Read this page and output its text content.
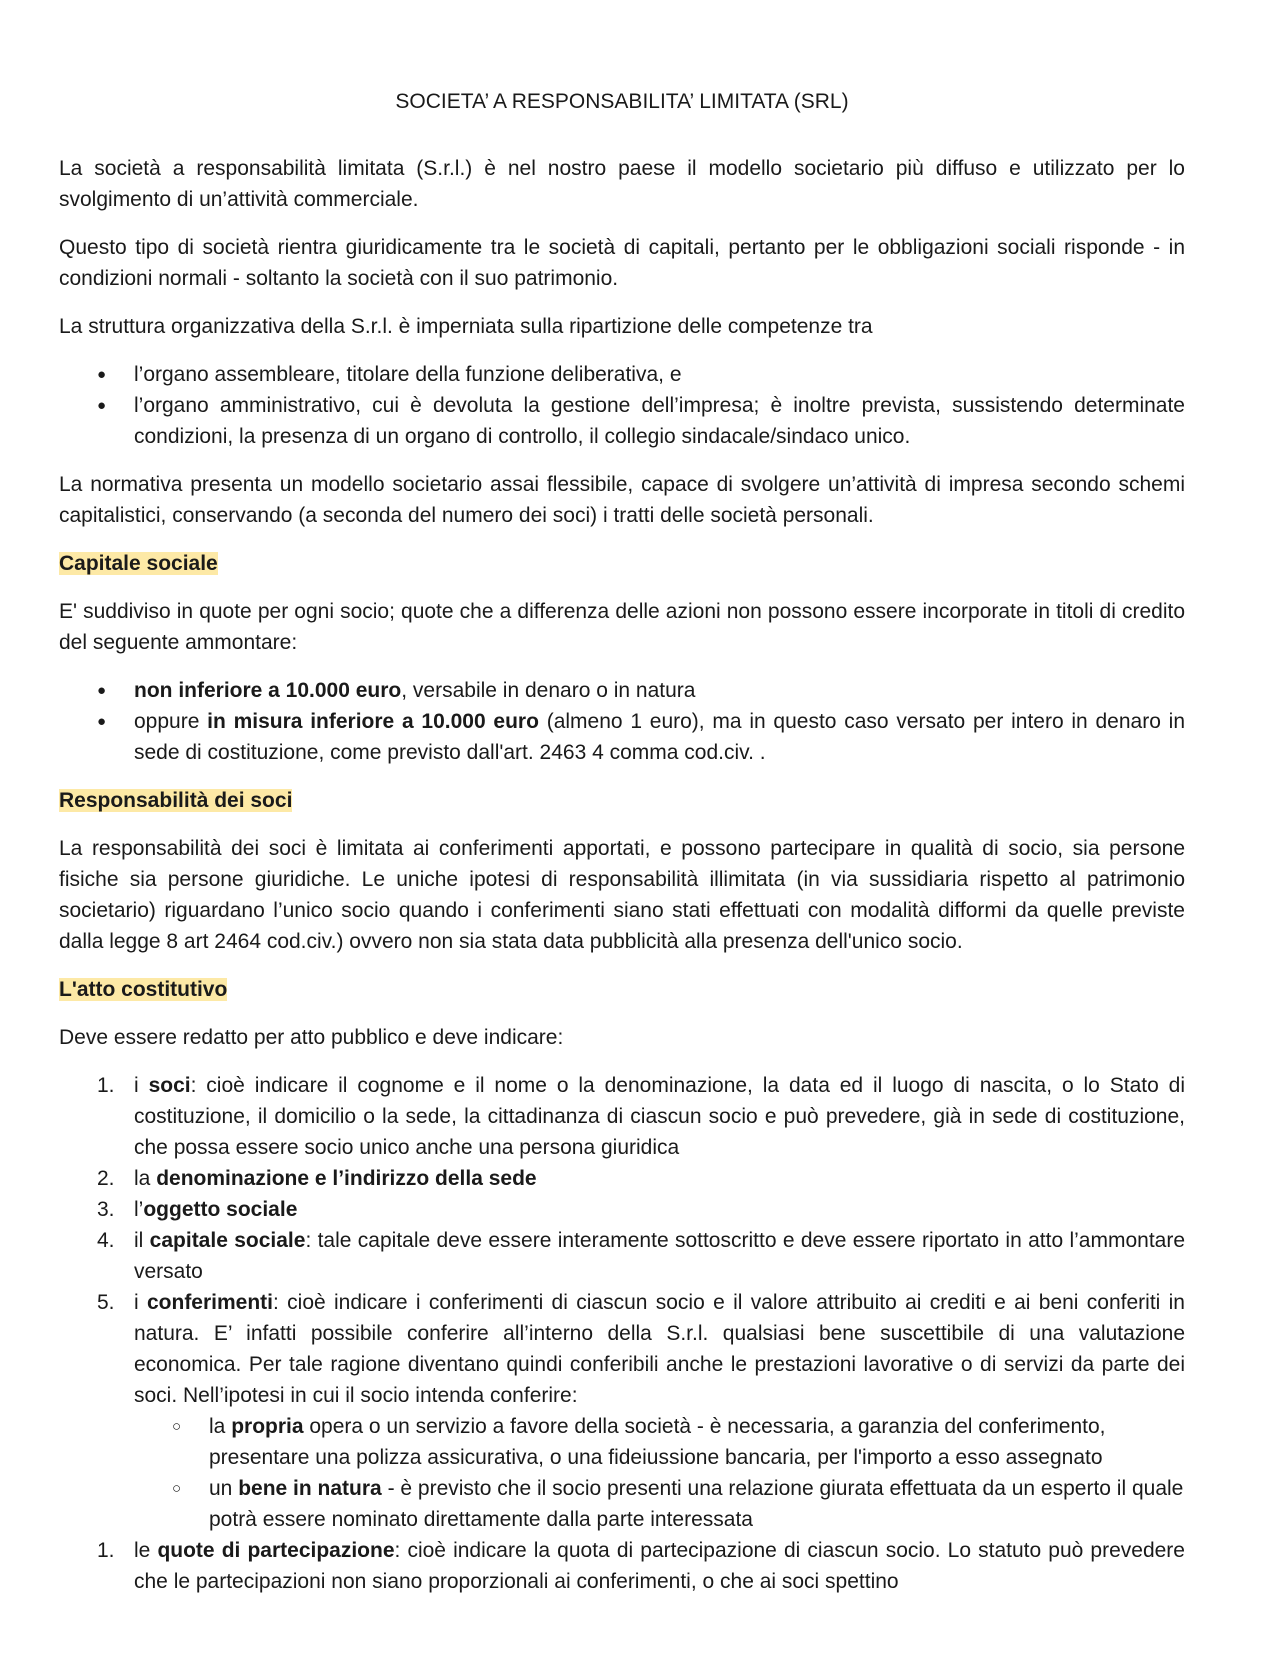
SOCIETA’ A RESPONSABILITA’ LIMITATA (SRL)

La società a responsabilità limitata (S.r.l.) è nel nostro paese il modello societario più diffuso e utilizzato per lo svolgimento di un’attività commerciale.

Questo tipo di società rientra giuridicamente tra le società di capitali, pertanto per le obbligazioni sociali risponde - in condizioni normali - soltanto la società con il suo patrimonio.

La struttura organizzativa della S.r.l. è imperniata sulla ripartizione delle competenze tra

● l’organo assembleare, titolare della funzione deliberativa, e
● l’organo amministrativo, cui è devoluta la gestione dell’impresa; è inoltre prevista, sussistendo determinate condizioni, la presenza di un organo di controllo, il collegio sindacale/sindaco unico.

La normativa presenta un modello societario assai flessibile, capace di svolgere un’attività di impresa secondo schemi capitalistici, conservando (a seconda del numero dei soci) i tratti delle società personali.

Capitale sociale

E' suddiviso in quote per ogni socio; quote che a differenza delle azioni non possono essere incorporate in titoli di credito del seguente ammontare:

● non inferiore a 10.000 euro, versabile in denaro o in natura
● oppure in misura inferiore a 10.000 euro (almeno 1 euro), ma in questo caso versato per intero in denaro in sede di costituzione, come previsto dall'art. 2463 4 comma cod.civ. .
Responsabilità dei soci

La responsabilità dei soci è limitata ai conferimenti apportati, e possono partecipare in qualità di socio, sia persone fisiche sia persone giuridiche. Le uniche ipotesi di responsabilità illimitata (in via sussidiaria rispetto al patrimonio societario) riguardano l’unico socio quando i conferimenti siano stati effettuati con modalità difformi da quelle previste dalla legge 8 art 2464 cod.civ.) ovvero non sia stata data pubblicità alla presenza dell'unico socio.

L'atto costitutivo

Deve essere redatto per atto pubblico e deve indicare:

1. i soci: cioè indicare il cognome e il nome o la denominazione, la data ed il luogo di nascita, o lo Stato di costituzione, il domicilio o la sede, la cittadinanza di ciascun socio e può prevedere, già in sede di costituzione, che possa essere socio unico anche una persona giuridica
2. la denominazione e l’indirizzo della sede
3. l’oggetto sociale
4. il capitale sociale: tale capitale deve essere interamente sottoscritto e deve essere riportato in atto l’ammontare versato
5. i conferimenti: cioè indicare i conferimenti di ciascun socio e il valore attribuito ai crediti e ai beni conferiti in natura. E’ infatti possibile conferire all’interno della S.r.l. qualsiasi bene suscettibile di una valutazione economica. Per tale ragione diventano quindi conferibili anche le prestazioni lavorative o di servizi da parte dei soci. Nell’ipotesi in cui il socio intenda conferire:
○ la propria opera o un servizio a favore della società - è necessaria, a garanzia del conferimento, presentare una polizza assicurativa, o una fideiussione bancaria, per l'importo a esso assegnato
○ un bene in natura - è previsto che il socio presenti una relazione giurata effettuata da un esperto il quale potrà essere nominato direttamente dalla parte interessata
1. le quote di partecipazione: cioè indicare la quota di partecipazione di ciascun socio. Lo statuto può prevedere che le partecipazioni non siano proporzionali ai conferimenti, o che ai soci spettino
